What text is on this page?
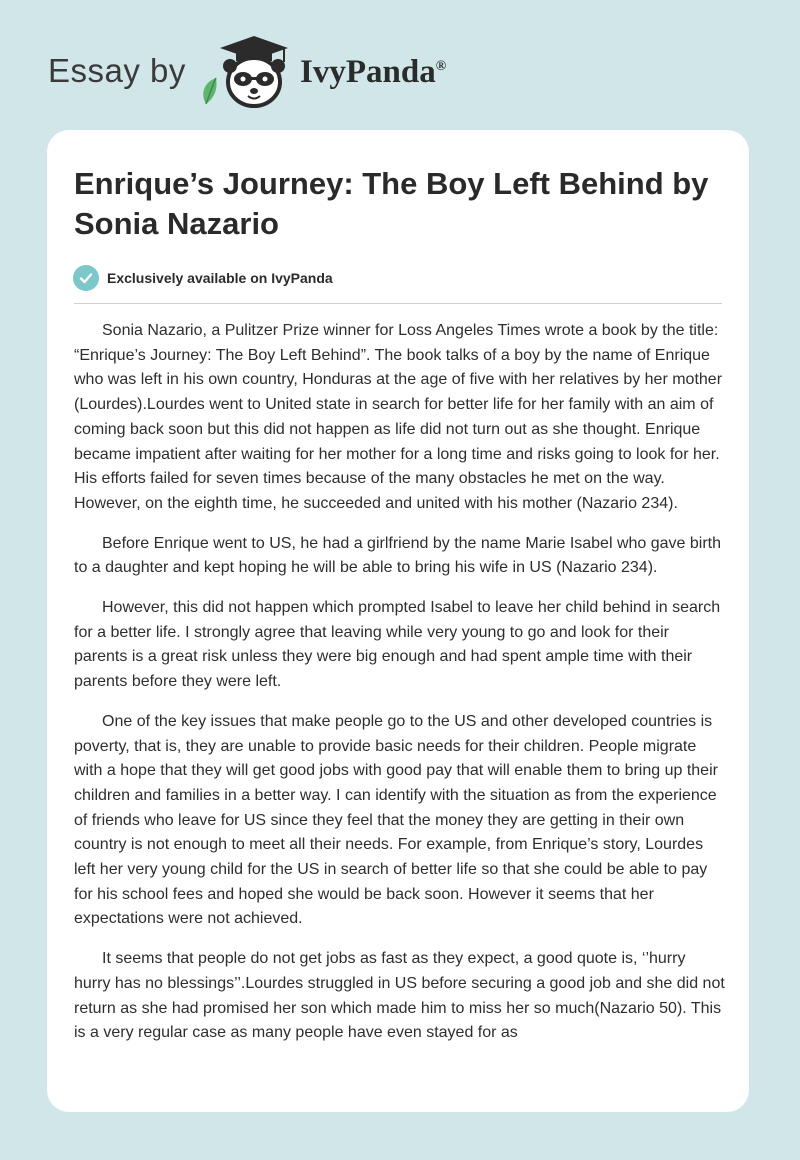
Essay by	IvyPanda®
Enrique’s Journey: The Boy Left Behind by Sonia Nazario
Exclusively available on IvyPanda

Sonia Nazario, a Pulitzer Prize winner for Loss Angeles Times wrote a book by the title: “Enrique’s Journey: The Boy Left Behind”. The book talks of a boy by the name of Enrique who was left in his own country, Honduras at the age of five with her relatives by her mother (Lourdes).Lourdes went to United state in search for better life for her family with an aim of coming back soon but this did not happen as life did not turn out as she thought. Enrique became impatient after waiting for her mother for a long time and risks going to look for her. His efforts failed for seven times because of the many obstacles he met on the way. However, on the eighth time, he succeeded and united with his mother (Nazario 234).

Before Enrique went to US, he had a girlfriend by the name Marie Isabel who gave birth to a daughter and kept hoping he will be able to bring his wife in US (Nazario 234).

However, this did not happen which prompted Isabel to leave her child behind in search for a better life. I strongly agree that leaving while very young to go and look for their parents is a great risk unless they were big enough and had spent ample time with their parents before they were left.

One of the key issues that make people go to the US and other developed countries is poverty, that is, they are unable to provide basic needs for their children. People migrate with a hope that they will get good jobs with good pay that will enable them to bring up their children and families in a better way. I can identify with the situation as from the experience of friends who leave for US since they feel that the money they are getting in their own country is not enough to meet all their needs. For example, from Enrique’s story, Lourdes left her very young child for the US in search of better life so that she could be able to pay for his school fees and hoped she would be back soon. However it seems that her expectations were not achieved.

It seems that people do not get jobs as fast as they expect, a good quote is, ‘’hurry hurry has no blessings’’.Lourdes struggled in US before securing a good job and she did not return as she had promised her son which made him to miss her so much(Nazario 50). This is a very regular case as many people have even stayed for as
